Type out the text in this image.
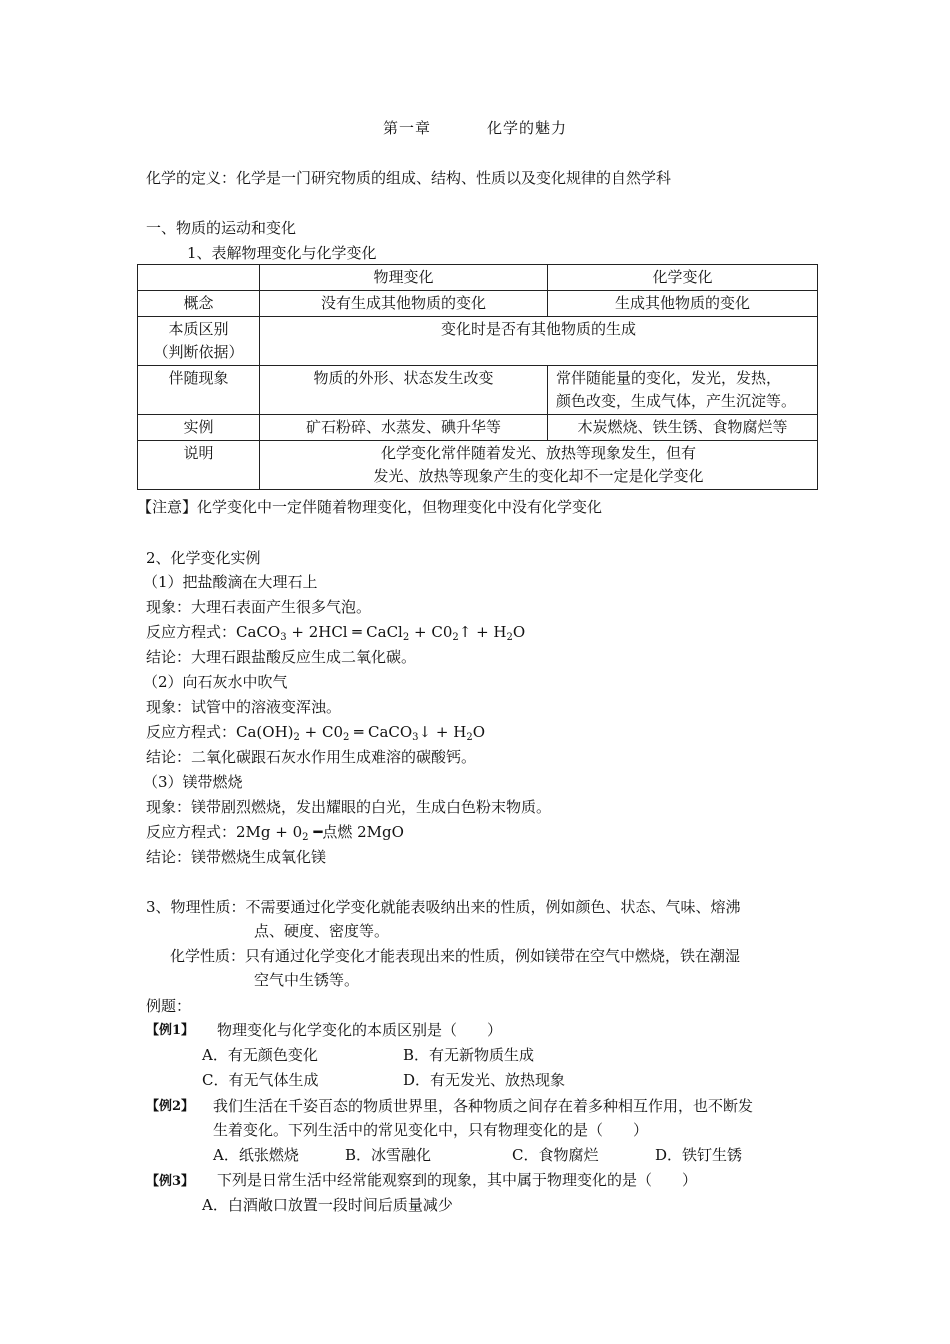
第一章	化学的魅力
化学的定义：化学是一门研究物质的组成、结构、性质以及变化规律的自然学科
一、物质的运动和变化
1、表解物理变化与化学变化
	物理变化	化学变化
概念	没有生成其他物质的变化	生成其他物质的变化

本质区别
（判断依据）	变化时是否有其他物质的生成	
伴随现象	物质的外形、状态发生改变	常伴随能量的变化，发光，发热，
颜色改变，生成气体，产生沉淀等。

实例	矿石粉碎、水蒸发、碘升华等	木炭燃烧、铁生锈、食物腐烂等
说明	化学变化常伴随着发光、放热等现象发生，但有
发光、放热等现象产生的变化却不一定是化学变化	
【注意】化学变化中一定伴随着物理变化，但物理变化中没有化学变化
2、化学变化实例
（1）把盐酸滴在大理石上
现象：大理石表面产生很多气泡。
反应方程式：CaCO$_3$ + 2HCl ═ CaCl$_2$ + $C0_2↑ + H_2O$
结论：大理石跟盐酸反应生成二氧化碳。
（2）向石灰水中吹气
现象：试管中的溶液变浑浊。
反应方程式：$Ca(OH)_2 + C0_2$ ═ CaCO$_3$↓ + $H_2O$
结论：二氧化碳跟石灰水作用生成难溶的碳酸钙。
（3）镁带燃烧
现象：镁带剧烈燃烧，发出耀眼的白光，生成白色粉末物质。
反应方程式：$2Mg + 0_2$ ━点燃 2MgO
结论：镁带燃烧生成氧化镁
3、物理性质：不需要通过化学变化就能表吸纳出来的性质，例如颜色、状态、气味、熔沸
点、硬度、密度等。
化学性质：只有通过化学变化才能表现出来的性质，例如镁带在空气中燃烧，铁在潮湿
空气中生锈等。
例题：
【例1】 物理变化与化学变化的本质区别是（　　）
A．有无颜色变化	B．有无新物质生成
C．有无气体生成	D．有无发光、放热现象
【例2】 我们生活在千姿百态的物质世界里，各种物质之间存在着多种相互作用，也不断发
生着变化。下列生活中的常见变化中，只有物理变化的是（　　）
A．纸张燃烧	B．冰雪融化	C．食物腐烂	D．铁钉生锈
【例3】 下列是日常生活中经常能观察到的现象，其中属于物理变化的是（　　）
A．白酒敞口放置一段时间后质量减少
